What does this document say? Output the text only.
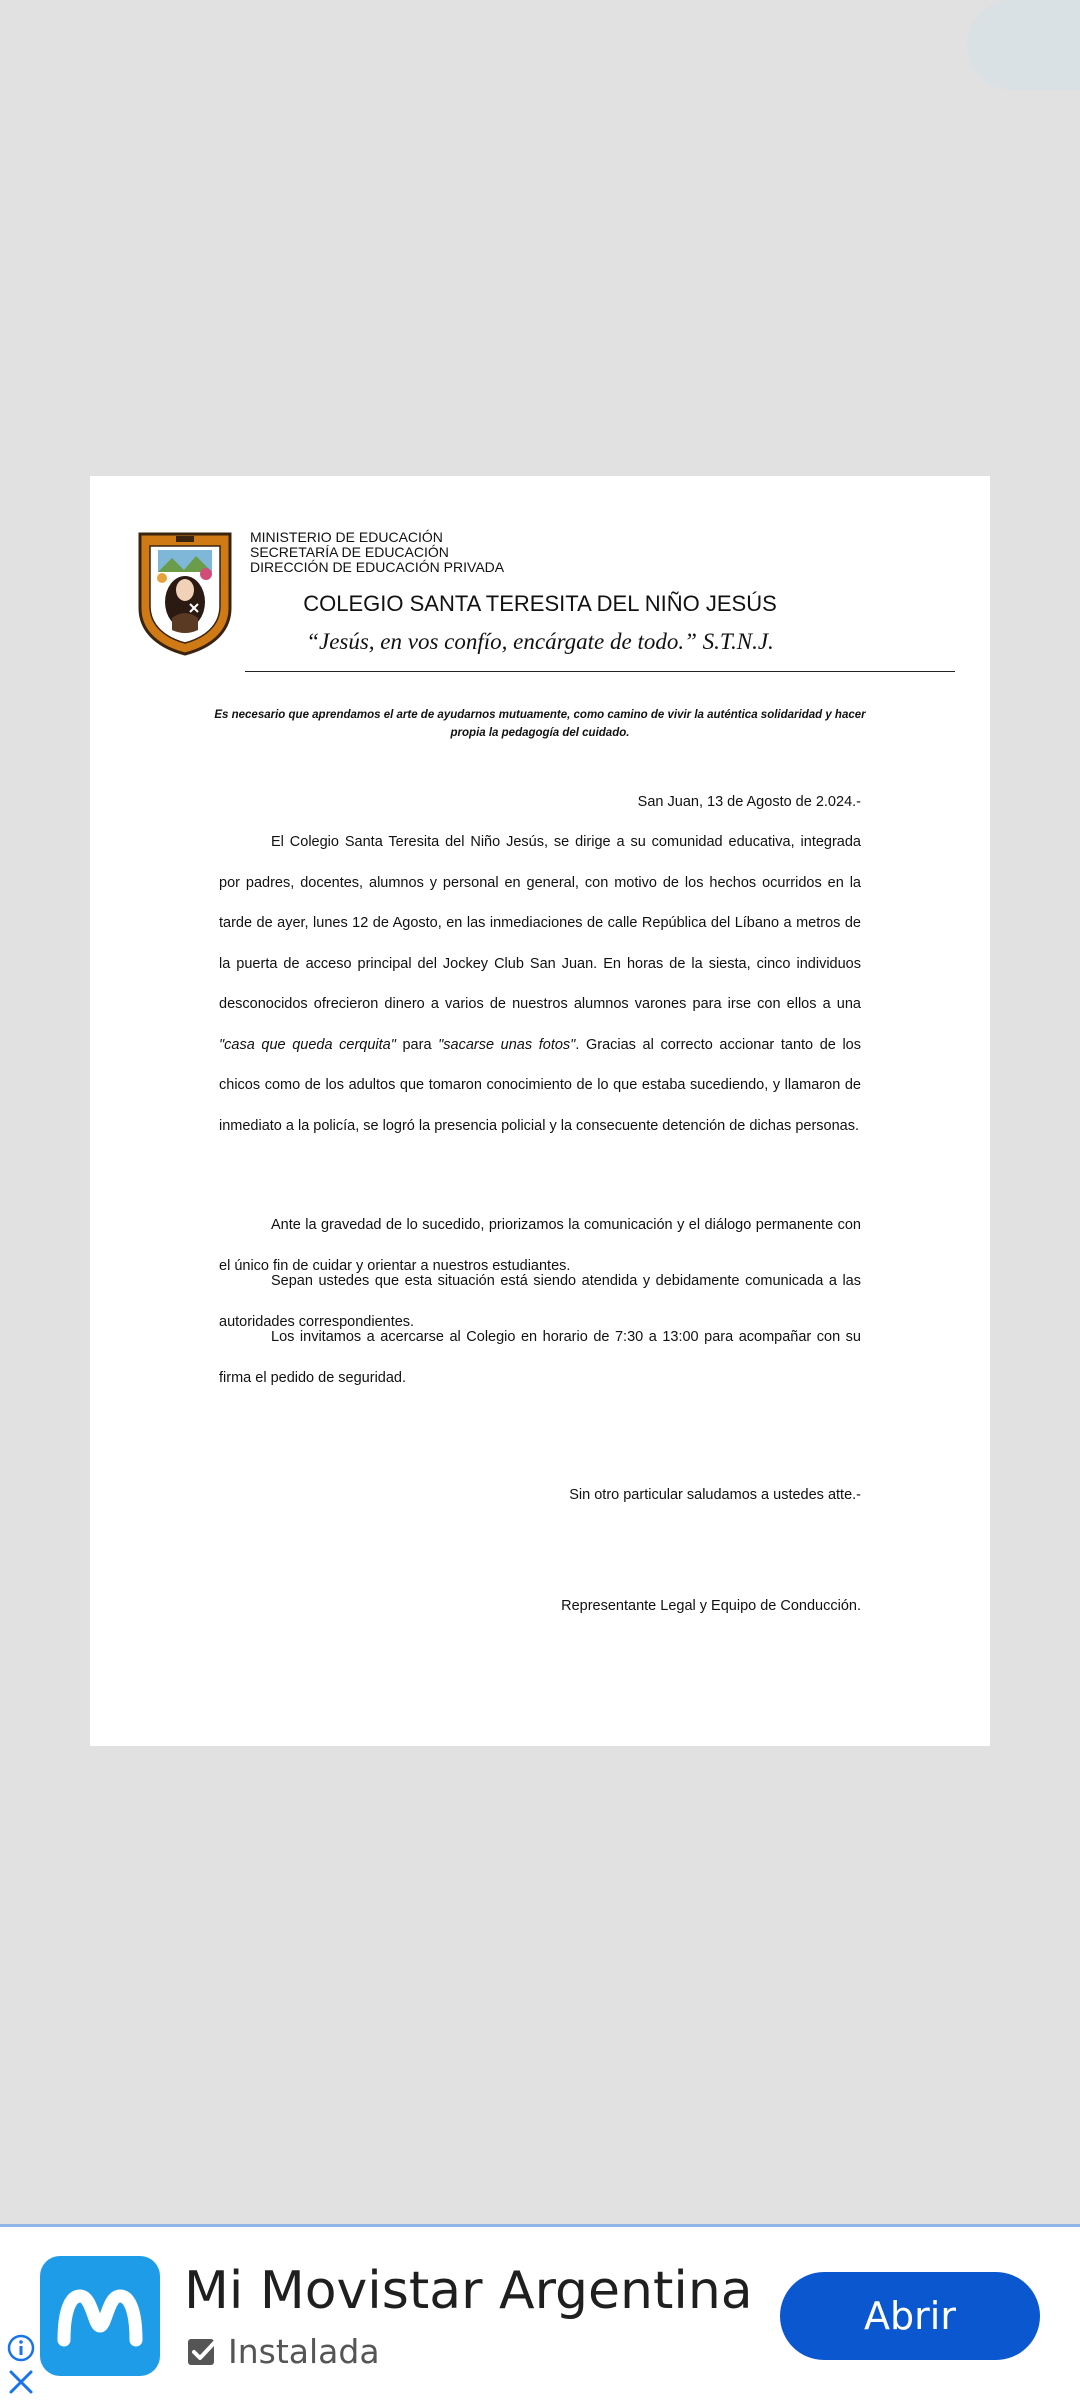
MINISTERIO DE EDUCACIÓN
SECRETARÍA DE EDUCACIÓN
DIRECCIÓN DE EDUCACIÓN PRIVADA
COLEGIO SANTA TERESITA DEL NIÑO JESÚS
“Jesús, en vos confío, encárgate de todo.” S.T.N.J.
Es necesario que aprendamos el arte de ayudarnos mutuamente, como camino de vivir la auténtica solidaridad y hacer propia la pedagogía del cuidado.
San Juan, 13 de Agosto de 2.024.-

El Colegio Santa Teresita del Niño Jesús, se dirige a su comunidad educativa, integrada por padres, docentes, alumnos y personal en general, con motivo de los hechos ocurridos en la tarde de ayer, lunes 12 de Agosto, en las inmediaciones de calle República del Líbano a metros de la puerta de acceso principal del Jockey Club San Juan. En horas de la siesta, cinco individuos desconocidos ofrecieron dinero a varios de nuestros alumnos varones para irse con ellos a una "casa que queda cerquita" para "sacarse unas fotos". Gracias al correcto accionar tanto de los chicos como de los adultos que tomaron conocimiento de lo que estaba sucediendo, y llamaron de inmediato a la policía, se logró la presencia policial y la consecuente detención de dichas personas.

Ante la gravedad de lo sucedido, priorizamos la comunicación y el diálogo permanente con el único fin de cuidar y orientar a nuestros estudiantes.

Sepan ustedes que esta situación está siendo atendida y debidamente comunicada a las autoridades correspondientes.

Los invitamos a acercarse al Colegio en horario de 7:30 a 13:00 para acompañar con su firma el pedido de seguridad.

Sin otro particular saludamos a ustedes atte.-
Representante Legal y Equipo de Conducción.
Mi Movistar Argentina
Instalada
Abrir
